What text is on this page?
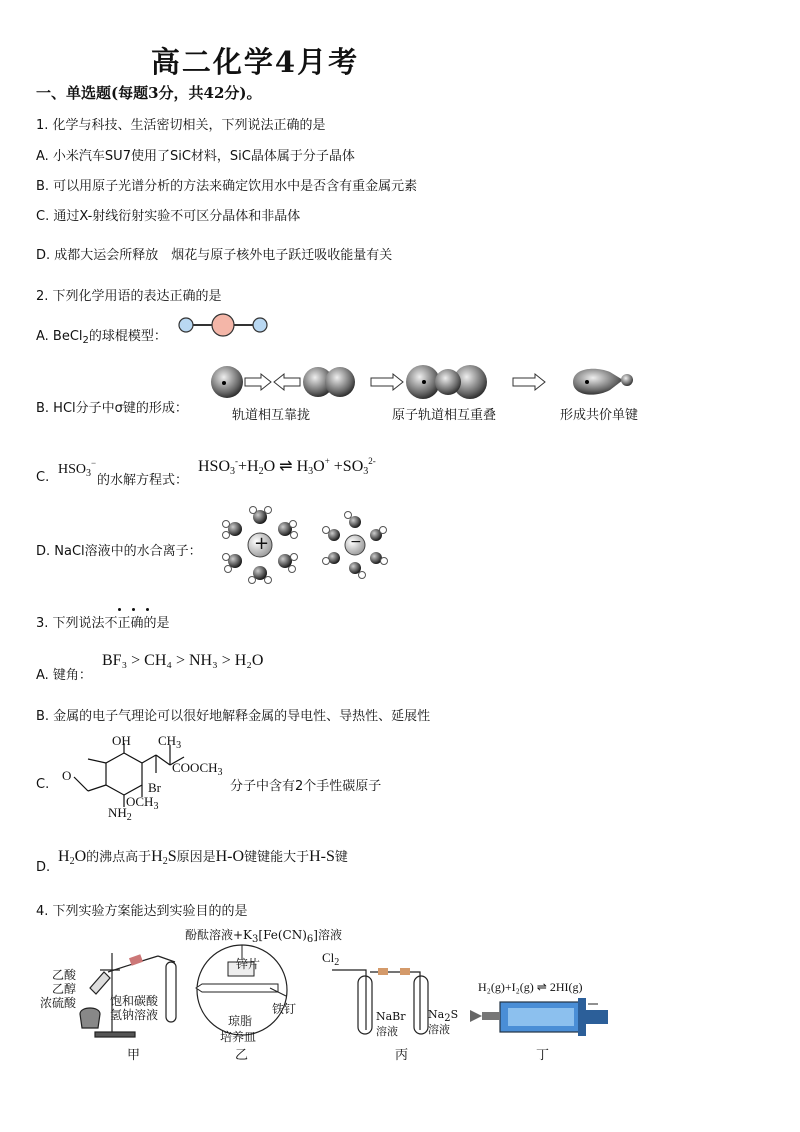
高二化学4月考
一、单选题(每题3分，共42分)。
1. 化学与科技、生活密切相关，下列说法正确的是
A. 小米汽车SU7使用了SiC材料，SiC晶体属于分子晶体
B. 可以用原子光谱分析的方法来确定饮用水中是否含有重金属元素
C. 通过X-射线衍射实验不可区分晶体和非晶体
D. 成都大运会所释放　烟花与原子核外电子跃迁吸收能量有关
2. 下列化学用语的表达正确的是
A. BeCl$_2$的球棍模型：
B. HCl分子中σ键的形成：	轨道相互靠拢	原子轨道相互重叠	形成共价单键
C.
$HSO_3^-$
的水解方程式：
$HSO_3^-+H_2O$ ⇌ $H_3O^+ +SO_3^{2-}$
D. NaCl溶液中的水合离子：	+	−
3. 下列说法不正确的是
A. 键角：
BF₃ > CH₄ > NH₃ > H₂O
B. 金属的电子气理论可以很好地解释金属的导电性、导热性、延展性
C.
OH $CH_3$
$COOCH_3$
Br
$OCH_3$
$NH_2$
O
分子中含有2个手性碳原子
D.
$H_2O$的沸点高于$H_2S$原因是H-O键键能大于H-S键
4. 下列实验方案能达到实验目的的是
乙酸
乙醇
浓硫酸	饱和碳酸
氢钠溶液
甲
酚酞溶液$+K_3[Fe(CN)_6]$溶液
锌片
铁钉
琼脂
培养皿
乙
$Cl_2$
NaBr
溶液
Na2S
溶液
丙
H₂(g)+I₂(g) ⇌ 2HI(g)
丁
